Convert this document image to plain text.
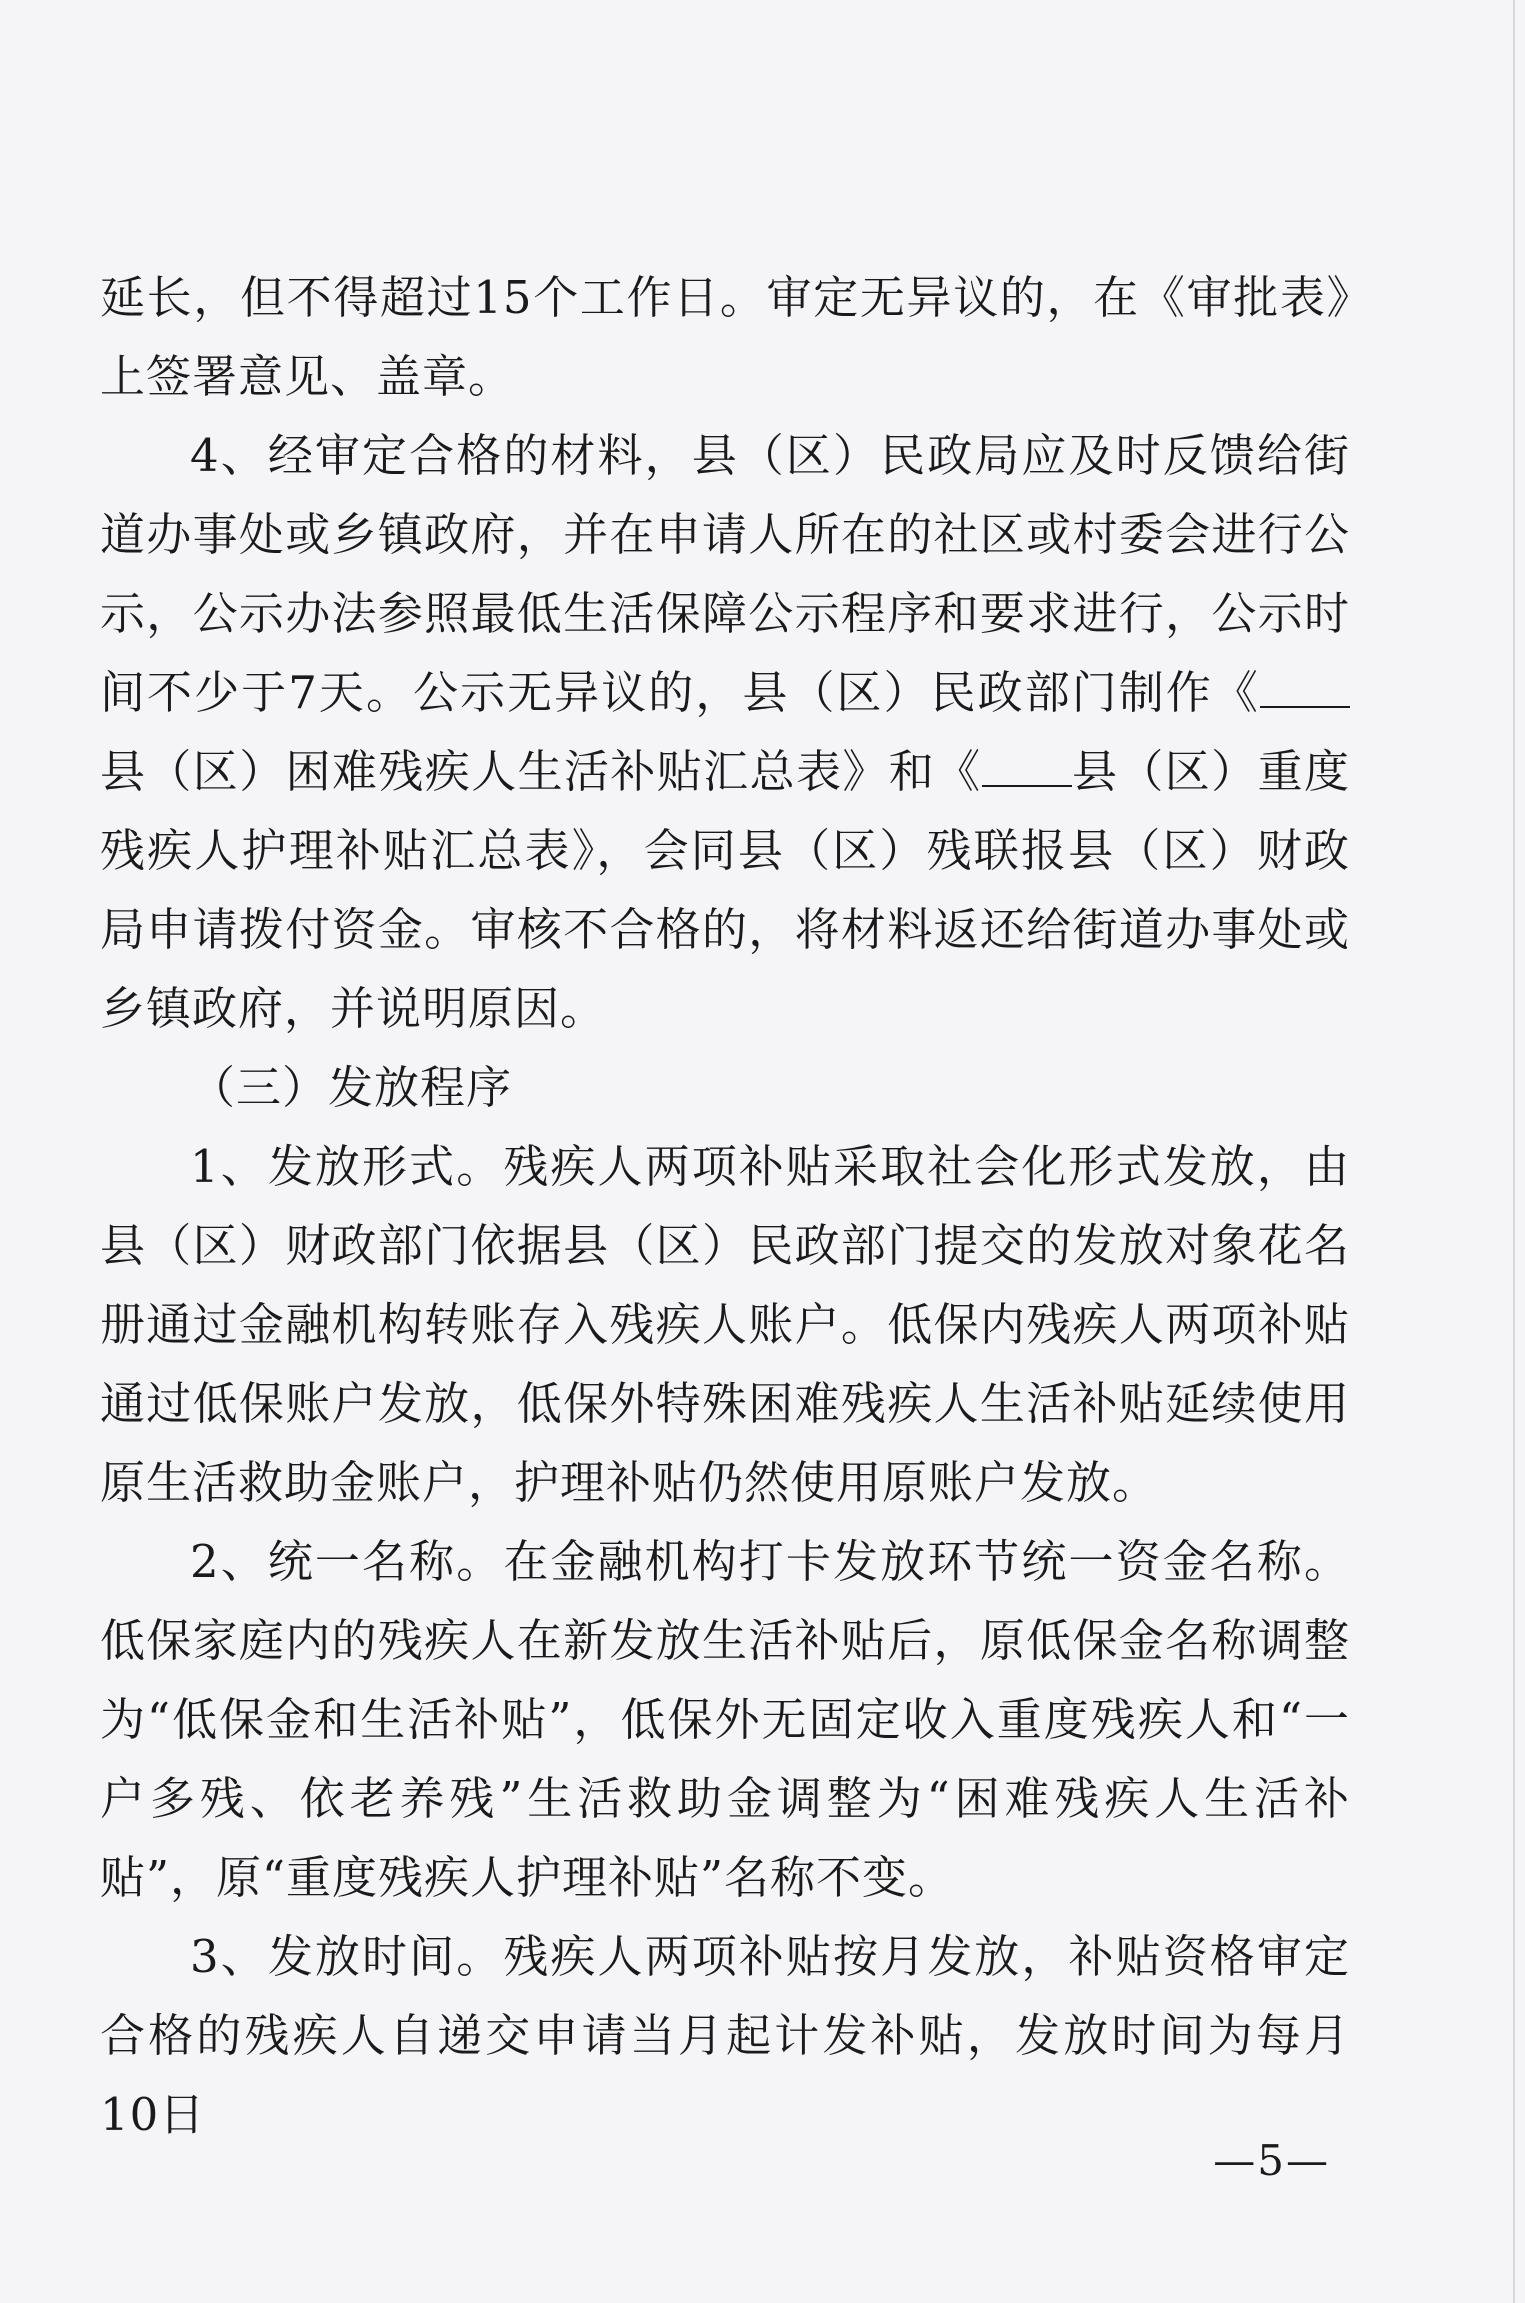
延长，但不得超过15个工作日。审定无异议的，在《审批表》上签署意见、盖章。

4、经审定合格的材料，县（区）民政局应及时反馈给街道办事处或乡镇政府，并在申请人所在的社区或村委会进行公示，公示办法参照最低生活保障公示程序和要求进行，公示时间不少于7天。公示无异议的，县（区）民政部门制作《县（区）困难残疾人生活补贴汇总表》和《 县（区）重度残疾人护理补贴汇总表》，会同县（区）残联报县（区）财政局申请拨付资金。审核不合格的，将材料返还给街道办事处或乡镇政府，并说明原因。

（三）发放程序

1、发放形式。残疾人两项补贴采取社会化形式发放，由县（区）财政部门依据县（区）民政部门提交的发放对象花名册通过金融机构转账存入残疾人账户。低保内残疾人两项补贴通过低保账户发放，低保外特殊困难残疾人生活补贴延续使用原生活救助金账户，护理补贴仍然使用原账户发放。

2、统一名称。在金融机构打卡发放环节统一资金名称。低保家庭内的残疾人在新发放生活补贴后，原低保金名称调整为“低保金和生活补贴”，低保外无固定收入重度残疾人和“一户多残、依老养残”生活救助金调整为“困难残疾人生活补贴”，原“重度残疾人护理补贴”名称不变。

3、发放时间。残疾人两项补贴按月发放，补贴资格审定合格的残疾人自递交申请当月起计发补贴，发放时间为每月10日

—5—
